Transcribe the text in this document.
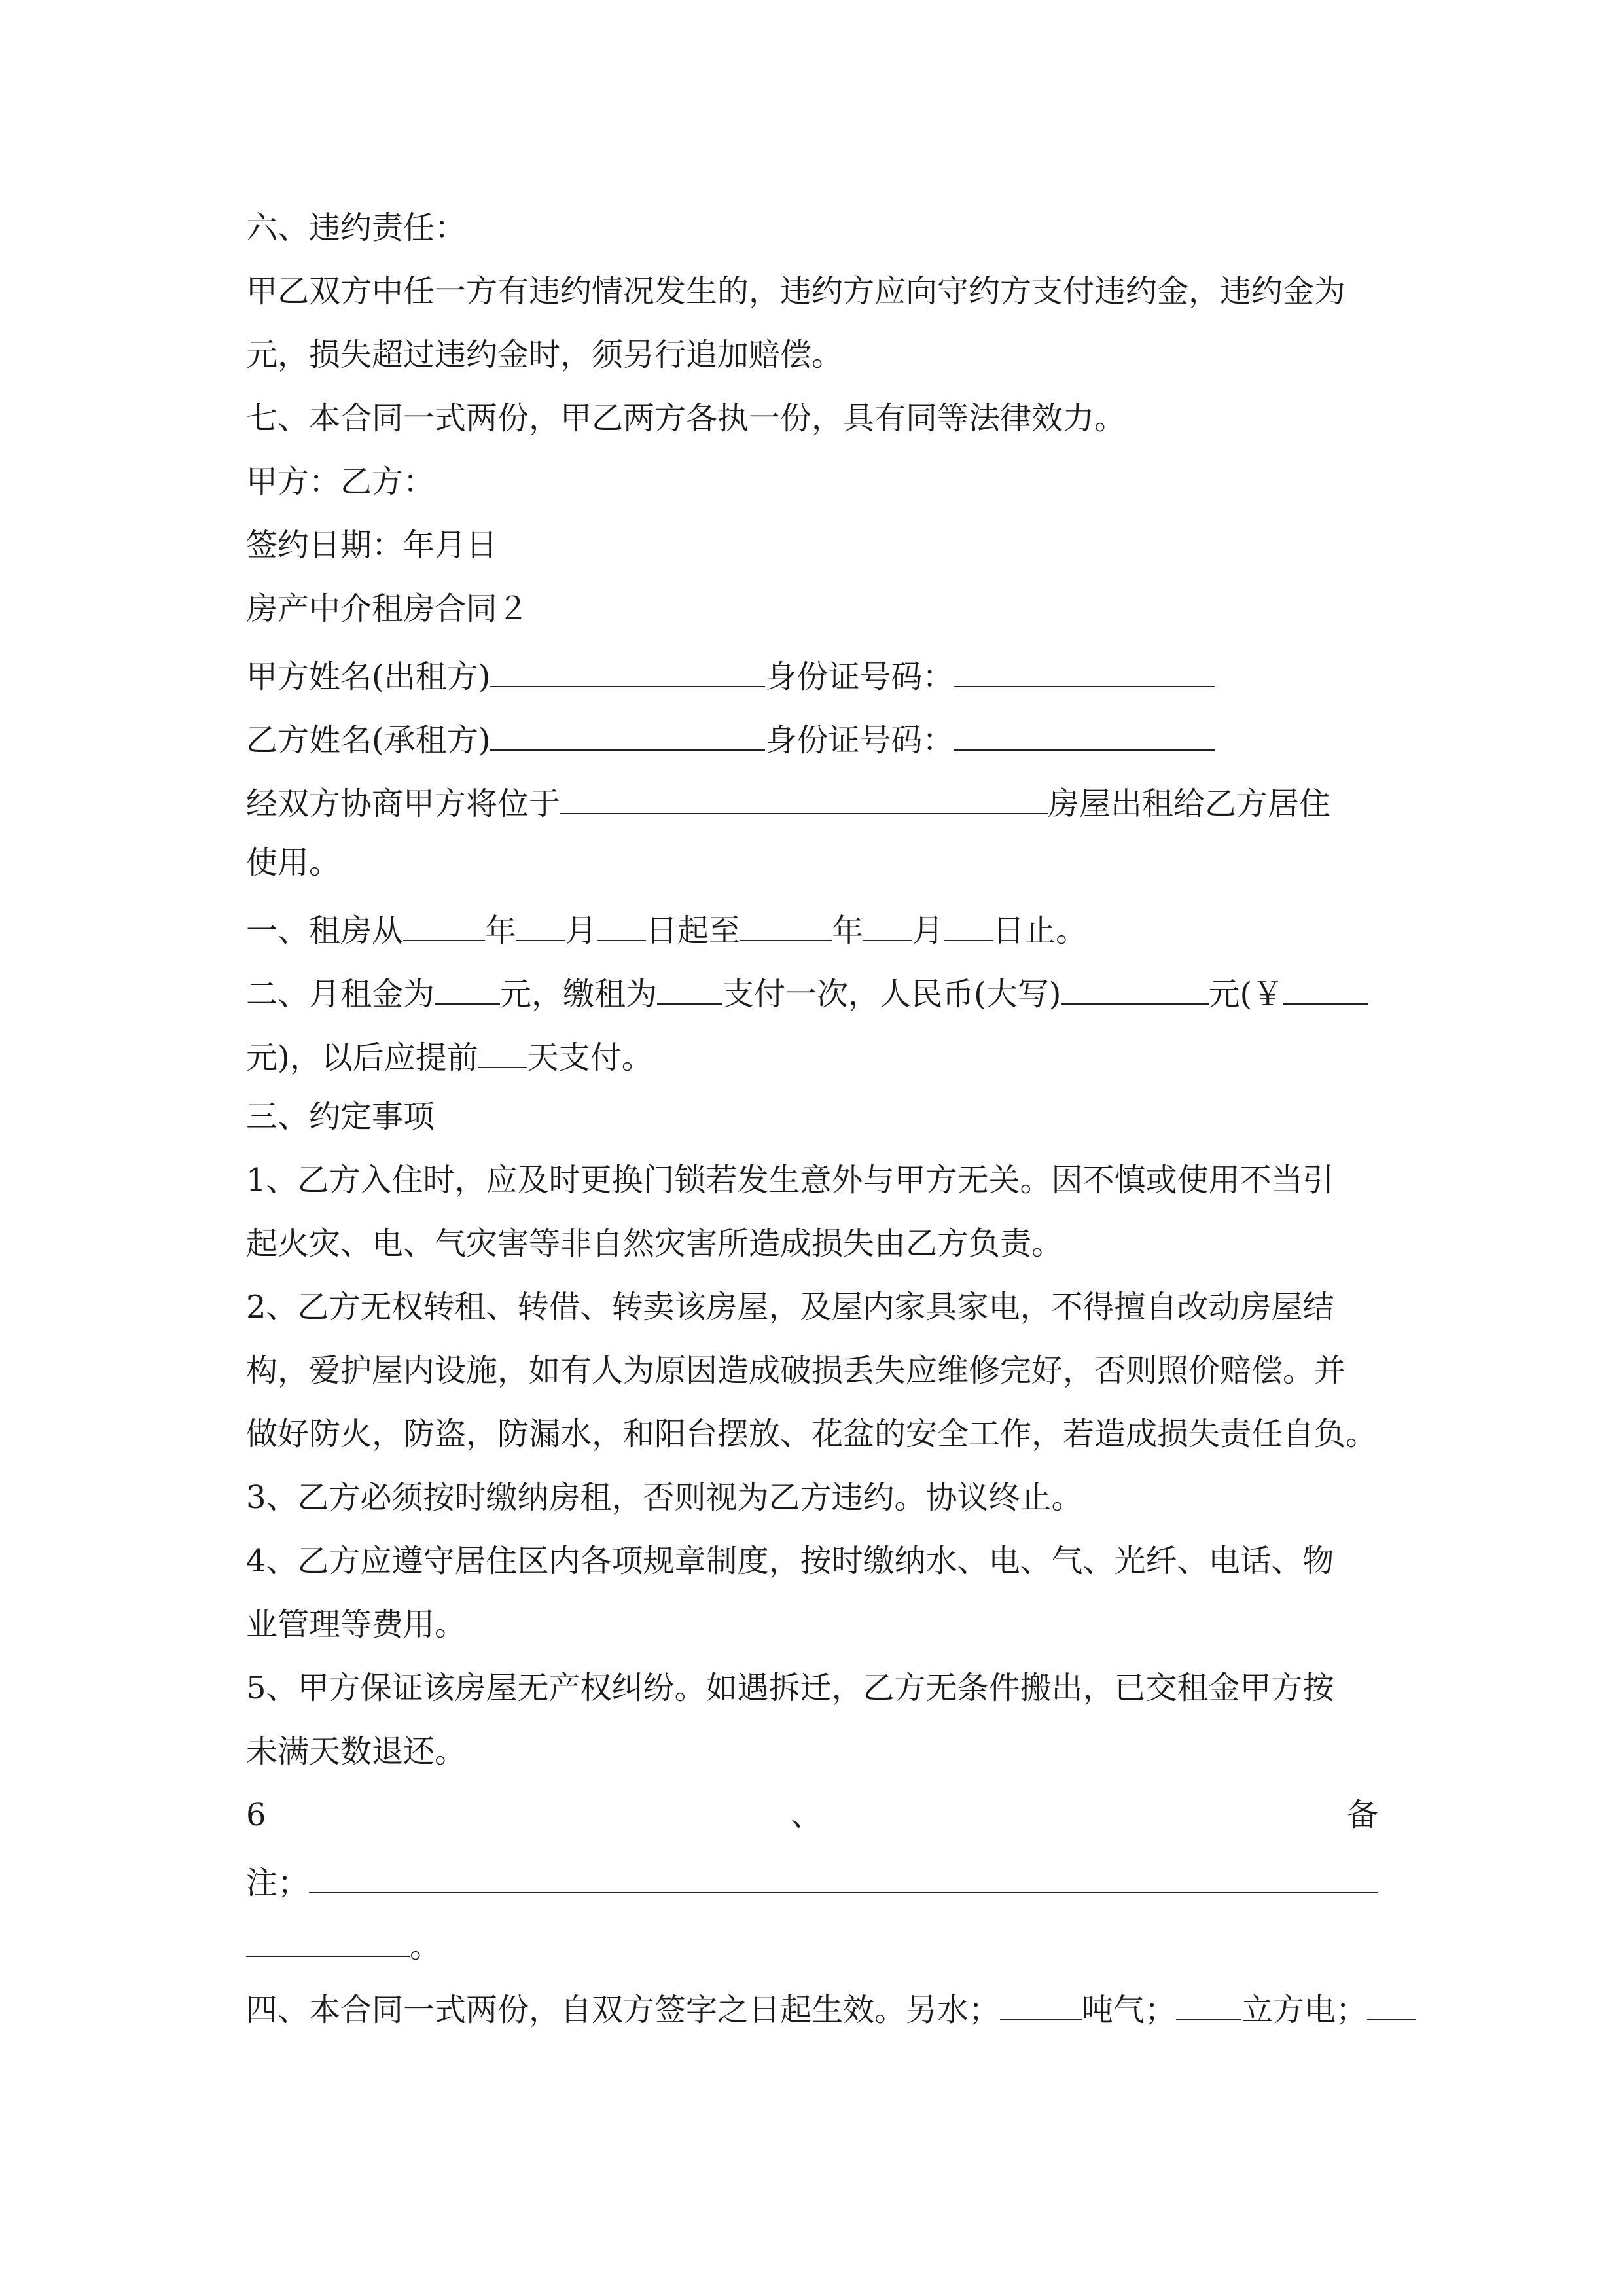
六、违约责任：
甲乙双方中任一方有违约情况发生的，违约方应向守约方支付违约金，违约金为
元，损失超过违约金时，须另行追加赔偿。
七、本合同一式两份，甲乙两方各执一份，具有同等法律效力。
甲方：乙方：
签约日期：年月日
房产中介租房合同２
甲方姓名(出租方)	身份证号码：
乙方姓名(承租方)	身份证号码：
经双方协商甲方将位于	房屋出租给乙方居住
使用。
一、租房从	年 月 日起至	年 月 日止。
二、月租金为 元，缴租为 支付一次，人民币(大写)	元(￥
元)，以后应提前 天支付。
三、约定事项
1、乙方入住时，应及时更换门锁若发生意外与甲方无关。因不慎或使用不当引
起火灾、电、气灾害等非自然灾害所造成损失由乙方负责。
2、乙方无权转租、转借、转卖该房屋，及屋内家具家电，不得擅自改动房屋结
构，爱护屋内设施，如有人为原因造成破损丢失应维修完好，否则照价赔偿。并
做好防火，防盗，防漏水，和阳台摆放、花盆的安全工作，若造成损失责任自负。
3、乙方必须按时缴纳房租，否则视为乙方违约。协议终止。
4、乙方应遵守居住区内各项规章制度，按时缴纳水、电、气、光纤、电话、物
业管理等费用。
5、甲方保证该房屋无产权纠纷。如遇拆迁，乙方无条件搬出，已交租金甲方按
未满天数退还。
6	、	备
注；
。
四、本合同一式两份，自双方签字之日起生效。另水；	吨气； 立方电；
